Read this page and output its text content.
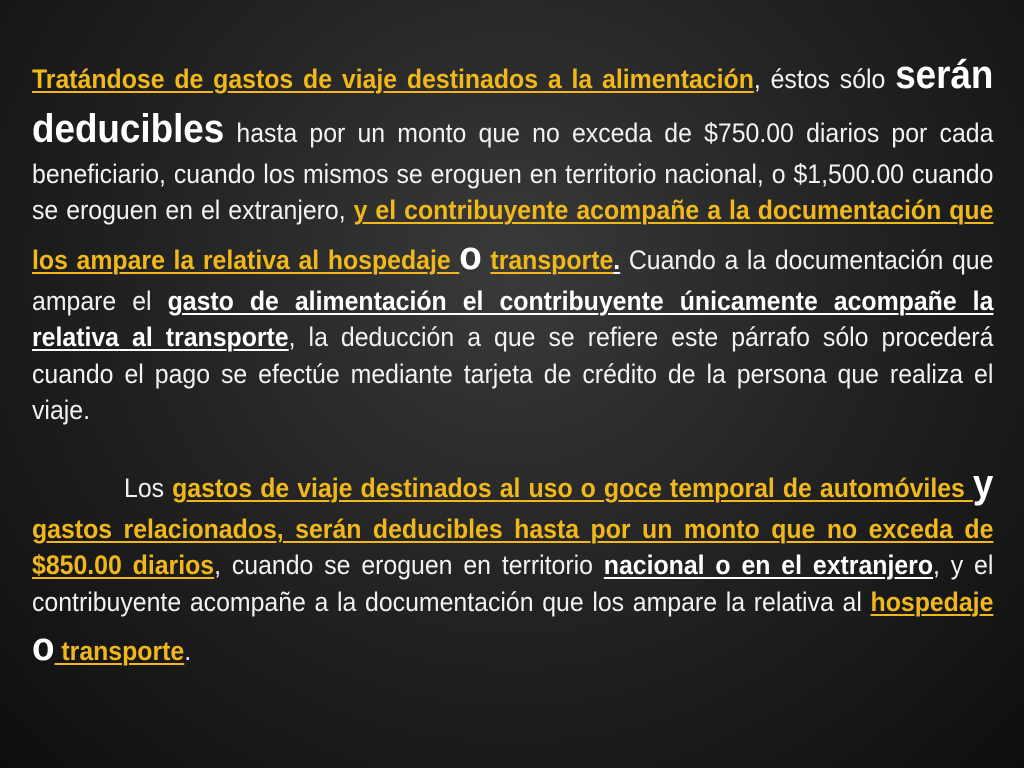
Tratándose de gastos de viaje destinados a la alimentación, éstos sólo serán deducibles hasta por un monto que no exceda de $750.00 diarios por cada beneficiario, cuando los mismos se eroguen en territorio nacional, o $1,500.00 cuando se eroguen en el extranjero, y el contribuyente acompañe a la documentación que los ampare la relativa al hospedaje o transporte. Cuando a la documentación que ampare el gasto de alimentación el contribuyente únicamente acompañe la relativa al transporte, la deducción a que se refiere este párrafo sólo procederá cuando el pago se efectúe mediante tarjeta de crédito de la persona que realiza el viaje.

Los gastos de viaje destinados al uso o goce temporal de automóviles y gastos relacionados, serán deducibles hasta por un monto que no exceda de $850.00 diarios, cuando se eroguen en territorio nacional o en el extranjero, y el contribuyente acompañe a la documentación que los ampare la relativa al hospedaje o transporte.
